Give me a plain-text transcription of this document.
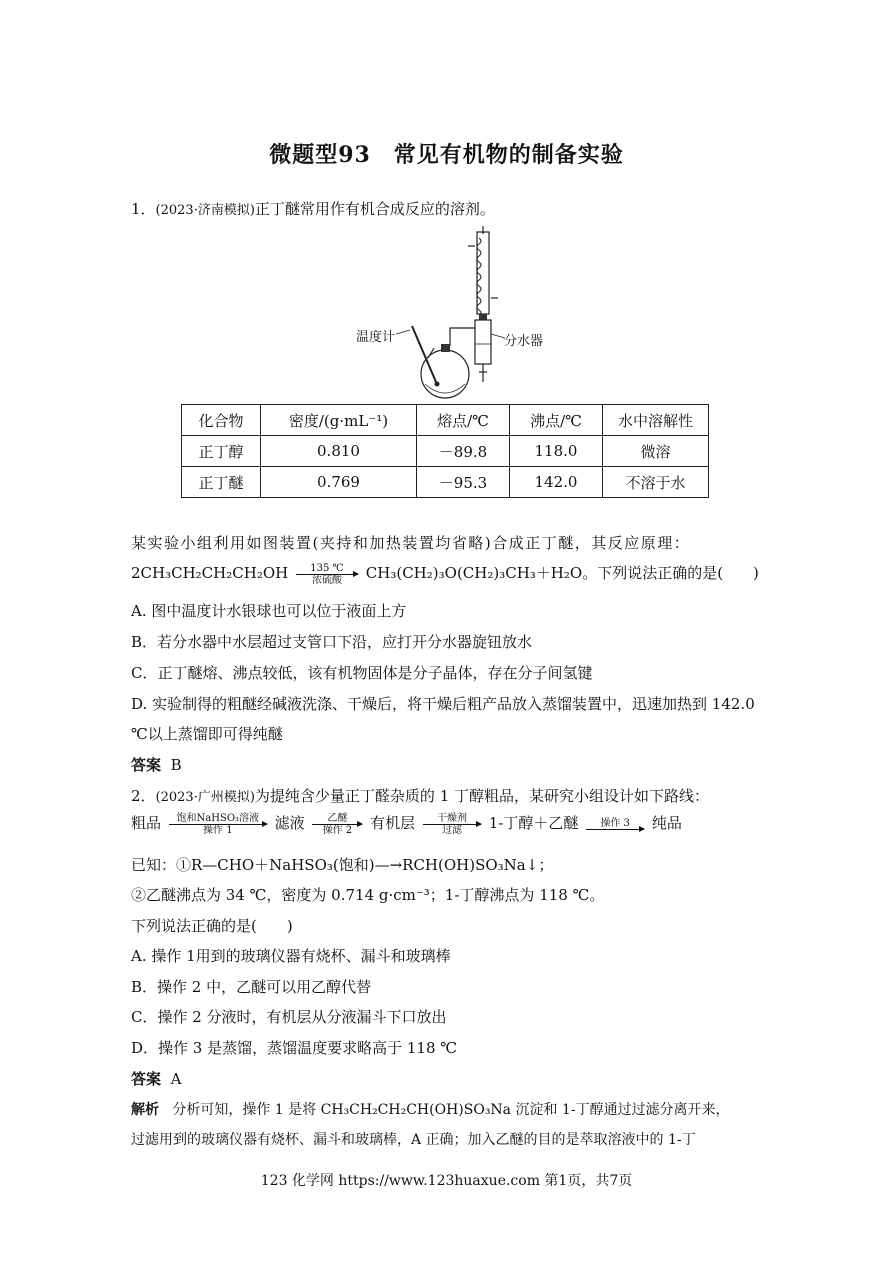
微题型93　常见有机物的制备实验
1．(2023·济南模拟)正丁醚常用作有机合成反应的溶剂。
温度计	分水器
化合物	密度/(g·mL⁻¹)	熔点/℃	沸点/℃	水中溶解性
正丁醇	0.810	－89.8	118.0	微溶
正丁醚	0.769	－95.3	142.0	不溶于水
某实验小组利用如图装置(夹持和加热装置均省略)合成正丁醚，其反应原理：
2CH₃CH₂CH₂CH₂OH	135 ℃
浓硫酸	CH₃(CH₂)₃O(CH₂)₃CH₃＋H₂O。下列说法正确的是(　　)
A. 图中温度计水银球也可以位于液面上方
B．若分水器中水层超过支管口下沿，应打开分水器旋钮放水
C．正丁醚熔、沸点较低，该有机物固体是分子晶体，存在分子间氢键
D. 实验制得的粗醚经碱液洗涤、干燥后，将干燥后粗产品放入蒸馏装置中，迅速加热到 142.0
℃以上蒸馏即可得纯醚
答案 B
2．(2023·广州模拟)为提纯含少量正丁醛杂质的 1 丁醇粗品，某研究小组设计如下路线：
粗品	饱和NaHSO₃溶液
操作 1	滤液	乙醚
操作 2	有机层	干燥剂
过滤	1-丁醇＋乙醚	操作 3	纯品
已知：①R—CHO＋NaHSO₃(饱和)—→RCH(OH)SO₃Na↓；
②乙醚沸点为 34 ℃，密度为 0.714 g·cm⁻³；1-丁醇沸点为 118 ℃。
下列说法正确的是(　　)
A. 操作 1用到的玻璃仪器有烧杯、漏斗和玻璃棒
B．操作 2 中，乙醚可以用乙醇代替
C．操作 2 分液时，有机层从分液漏斗下口放出
D．操作 3 是蒸馏，蒸馏温度要求略高于 118 ℃
答案 A
解析 分析可知，操作 1 是将 CH₃CH₂CH₂CH(OH)SO₃Na 沉淀和 1-丁醇通过过滤分离开来，
过滤用到的玻璃仪器有烧杯、漏斗和玻璃棒，A 正确；加入乙醚的目的是萃取溶液中的 1-丁
123 化学网 https://www.123huaxue.com 第1页，共7页
